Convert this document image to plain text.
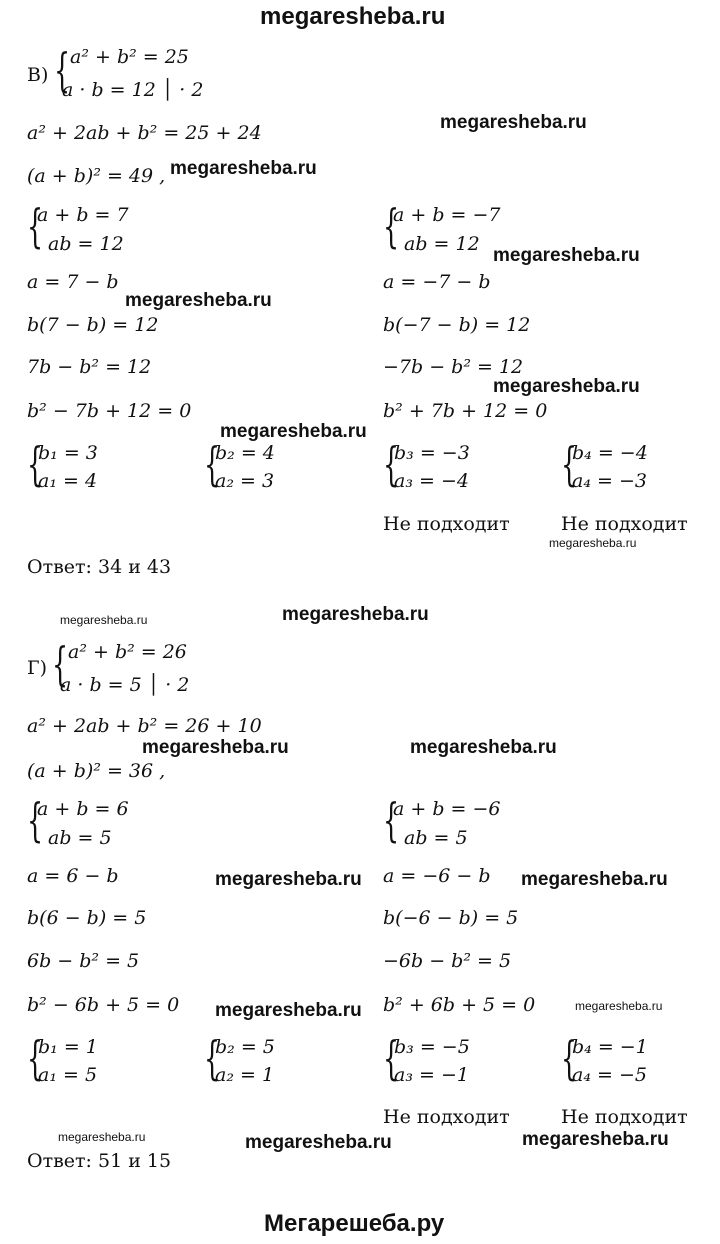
megaresheba.ru
В) { a² + b² = 25
a · b = 12 │ · 2
a² + 2ab + b² = 25 + 24	megaresheba.ru
(a + b)² = 49 , megaresheba.ru
{
a + b = 7
ab = 12
a = 7 − b
megaresheba.ru
b(7 − b) = 12
7b − b² = 12
b² − 7b + 12 = 0
megaresheba.ru
{
a + b = −7
ab = 12
megaresheba.ru
a = −7 − b
b(−7 − b) = 12
−7b − b² = 12
megaresheba.ru
b² + 7b + 12 = 0
{
b₁ = 3
a₁ = 4 {
b₂ = 4
a₂ = 3 {
b₃ = −3
a₃ = −4 {
b₄ = −4
a₄ = −3
Не подходит	Не подходит
megaresheba.ru
Ответ: 34 и 43
megaresheba.ru	megaresheba.ru
Г) { a² + b² = 26
a · b = 5 │ · 2
a² + 2ab + b² = 26 + 10
megaresheba.ru	megaresheba.ru
(a + b)² = 36 ,
{
a + b = 6
ab = 5
a = 6 − b	megaresheba.ru
b(6 − b) = 5
6b − b² = 5
b² − 6b + 5 = 0 megaresheba.ru
{
a + b = −6
ab = 5
a = −6 − b megaresheba.ru
b(−6 − b) = 5
−6b − b² = 5
b² + 6b + 5 = 0	megaresheba.ru
{
b₁ = 1
a₁ = 5 {
b₂ = 5
a₂ = 1 {
b₃ = −5
a₃ = −1 {
b₄ = −1
a₄ = −5
Не подходит	Не подходит
megaresheba.ru	megaresheba.ru	megaresheba.ru
Ответ: 51 и 15
Мегарешеба.ру
